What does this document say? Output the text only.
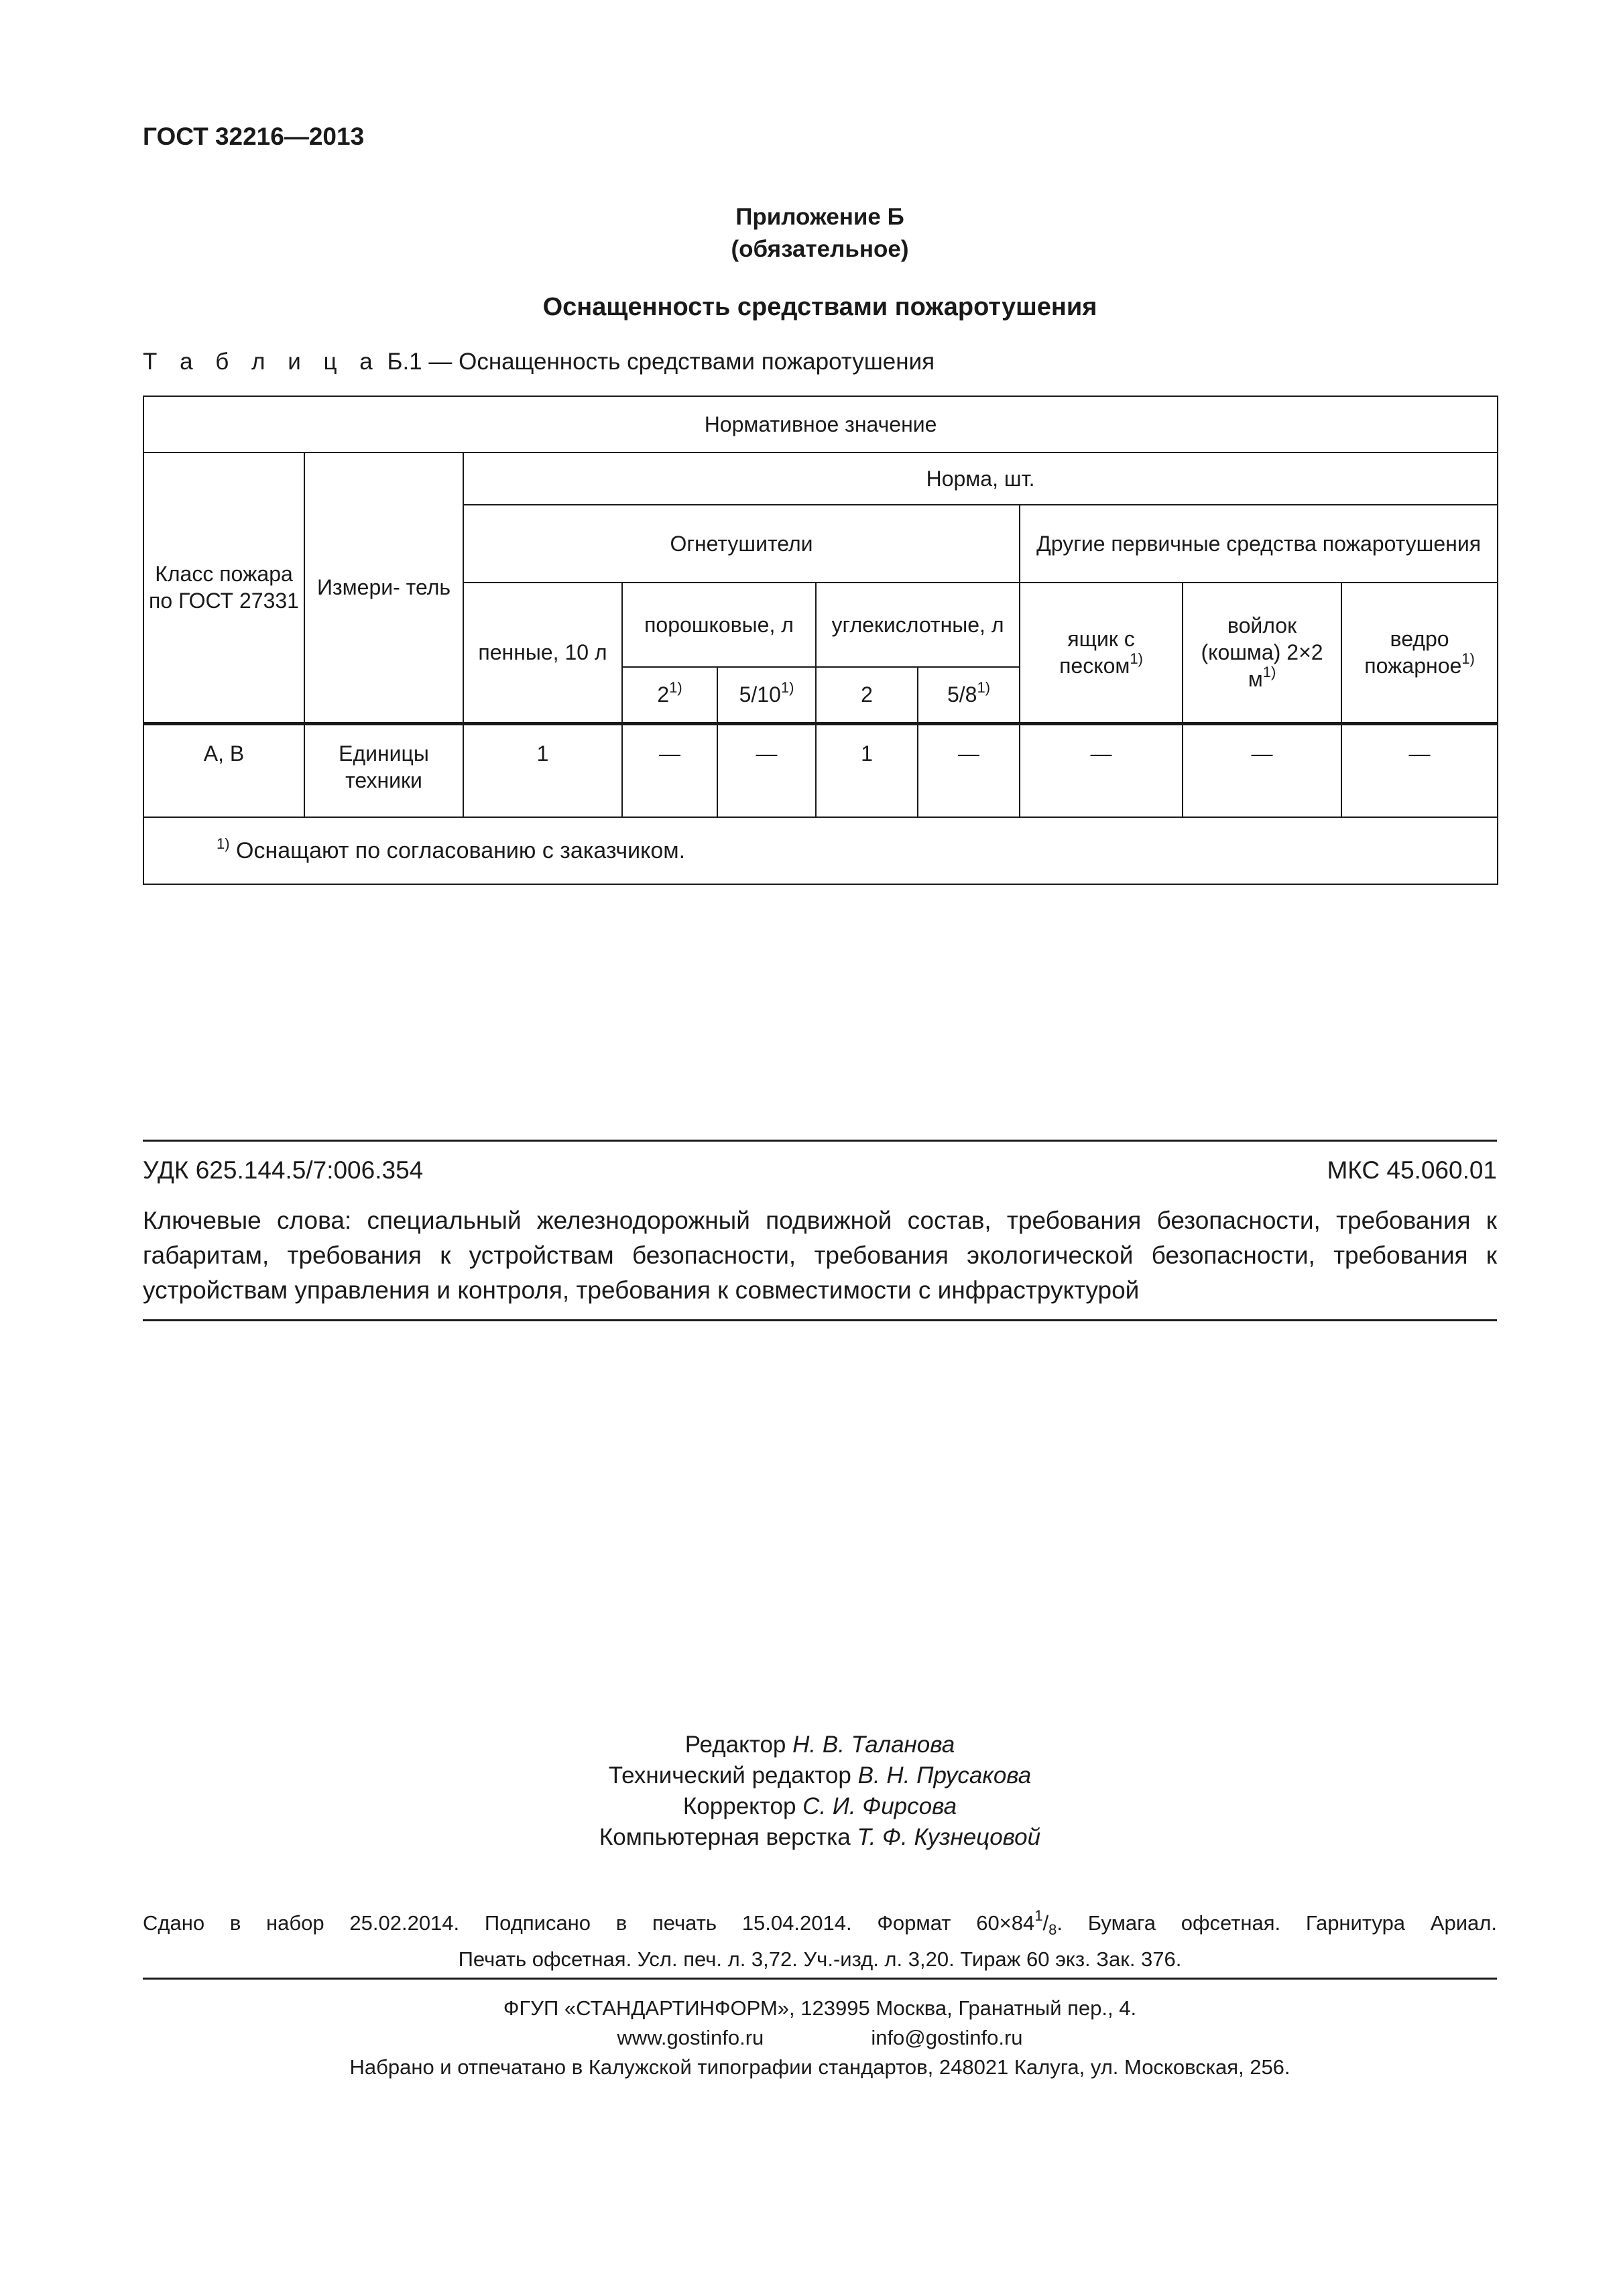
ГОСТ 32216—2013
Приложение Б
(обязательное)
Оснащенность средствами пожаротушения
Т а б л и ц а Б.1 — Оснащенность средствами пожаротушения
Нормативное значение									
Класс пожара по ГОСТ 27331	Измери- тель	Норма, шт.							
		Огнетушители					Другие первичные средства пожаротушения		
		пенные, 10 л	порошковые, л		углекислотные, л		ящик с песком$^{1)}$	войлок (кошма) 2×2 $м^{1)}$	ведро пожарное$^{1)}$
			2$^{1)}$	5/10$^{1)}$	2	5/8$^{1)}$
А, В	Единицы техники	1	—	—	1	—	—	—	—
$^{1)}$ Оснащают по согласованию с заказчиком.									
УДК 625.144.5/7:006.354	МКС 45.060.01
Ключевые слова: специальный железнодорожный подвижной состав, требования безопасности, требования к габаритам, требования к устройствам безопасности, требования экологической безопасности, требования к устройствам управления и контроля, требования к совместимости с инфраструктурой
Редактор Н. В. Таланова
Технический редактор В. Н. Прусакова
Корректор С. И. Фирсова
Компьютерная верстка Т. Ф. Кузнецовой
Сдано в набор 25.02.2014. Подписано в печать 15.04.2014. Формат $60\times 84^1/_8$. Бумага офсетная. Гарнитура Ариал.
Печать офсетная. Усл. печ. л. 3,72. Уч.-изд. л. 3,20. Тираж 60 экз. Зак. 376.
ФГУП «СТАНДАРТИНФОРМ», 123995 Москва, Гранатный пер., 4.
www.gostinfo.ru	info@gostinfo.ru
Набрано и отпечатано в Калужской типографии стандартов, 248021 Калуга, ул. Московская, 256.
